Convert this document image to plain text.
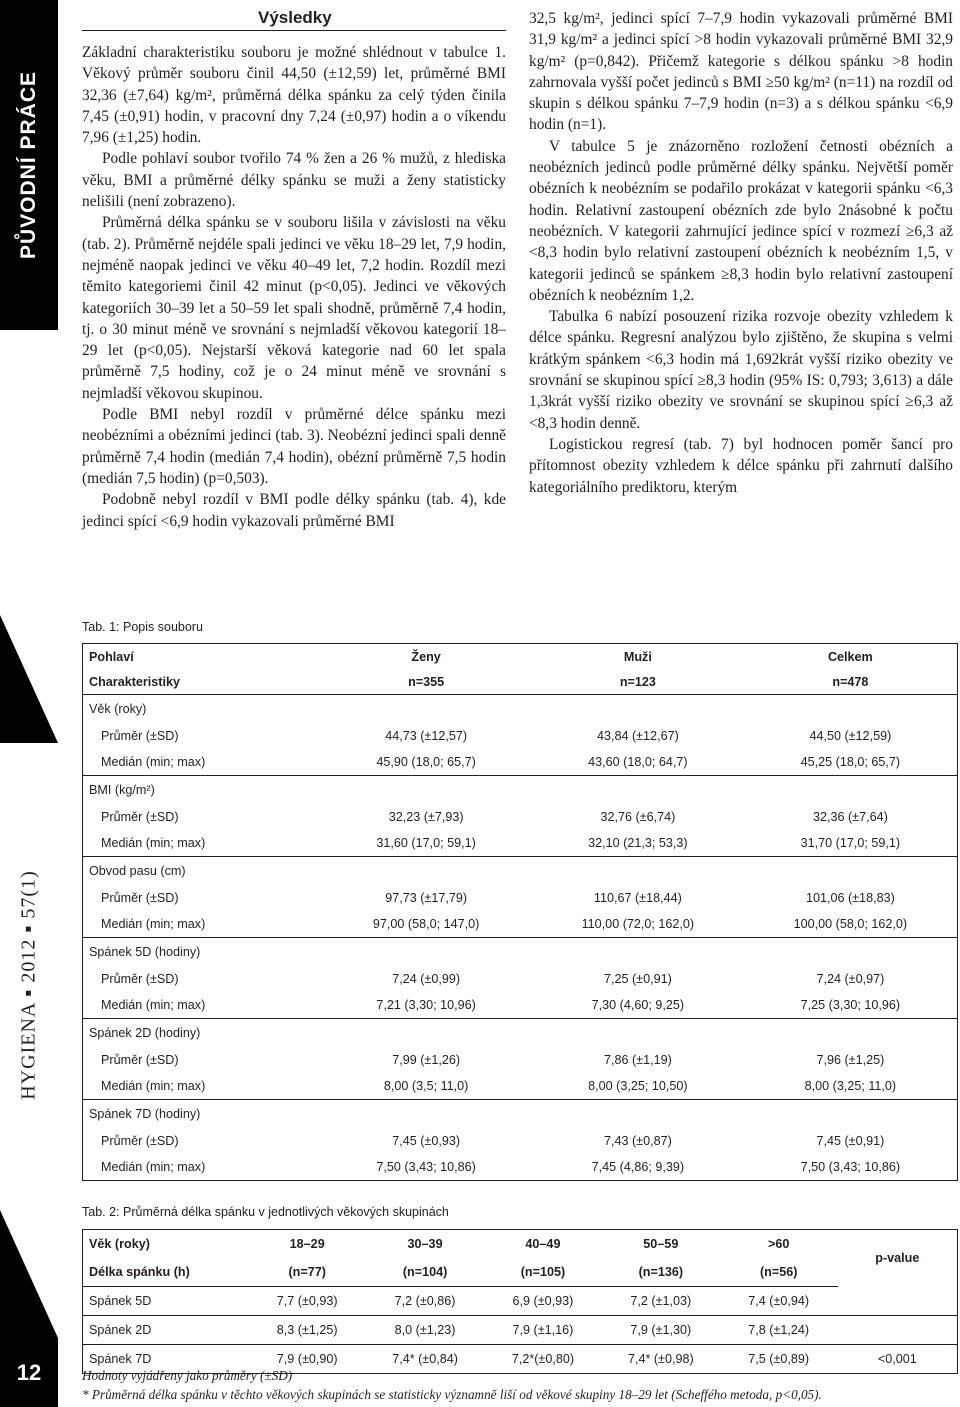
PŮVODNÍ PRÁCE
HYGIENA ▪ 2012 ▪ 57(1)
12
Výsledky

Základní charakteristiku souboru je možné shlédnout v tabulce 1. Věkový průměr souboru činil 44,50 (±12,59) let, průměrné BMI 32,36 (±7,64) kg/m², průměrná délka spánku za celý týden činila 7,45 (±0,91) hodin, v pracovní dny 7,24 (±0,97) hodin a o víkendu 7,96 (±1,25) hodin.

Podle pohlaví soubor tvořilo 74 % žen a 26 % mužů, z hlediska věku, BMI a průměrné délky spánku se muži a ženy statisticky nelišili (není zobrazeno).

Průměrná délka spánku se v souboru lišila v závislosti na věku (tab. 2). Průměrně nejdéle spali jedinci ve věku 18–29 let, 7,9 hodin, nejméně naopak jedinci ve věku 40–49 let, 7,2 hodin. Rozdíl mezi těmito kategoriemi činil 42 minut (p<0,05). Jedinci ve věkových kategoriích 30–39 let a 50–59 let spali shodně, průměrně 7,4 hodin, tj. o 30 minut méně ve srovnání s nejmladší věkovou kategorií 18–29 let (p<0,05). Nejstarší věková kategorie nad 60 let spala průměrně 7,5 hodiny, což je o 24 minut méně ve srovnání s nejmladší věkovou skupinou.

Podle BMI nebyl rozdíl v průměrné délce spánku mezi neobézními a obézními jedinci (tab. 3). Neobézní jedinci spali denně průměrně 7,4 hodin (medián 7,4 hodin), obézní průměrně 7,5 hodin (medián 7,5 hodin) (p=0,503).

Podobně nebyl rozdíl v BMI podle délky spánku (tab. 4), kde jedinci spící <6,9 hodin vykazovali průměrné BMI

32,5 kg/m², jedinci spící 7–7,9 hodin vykazovali průměrné BMI 31,9 kg/m² a jedinci spící >8 hodin vykazovali průměrné BMI 32,9 kg/m² (p=0,842). Přičemž kategorie s délkou spánku >8 hodin zahrnovala vyšší počet jedinců s BMI ≥50 kg/m² (n=11) na rozdíl od skupin s délkou spánku 7–7,9 hodin (n=3) a s délkou spánku <6,9 hodin (n=1).

V tabulce 5 je znázorněno rozložení četnosti obézních a neobézních jedinců podle průměrné délky spánku. Největší poměr obézních k neobézním se podařilo prokázat v kategorii spánku <6,3 hodin. Relativní zastoupení obézních zde bylo 2násobné k počtu neobézních. V kategorii zahrnující jedince spící v rozmezí ≥6,3 až <8,3 hodin bylo relativní zastoupení obézních k neobézním 1,5, v kategorii jedinců se spánkem ≥8,3 hodin bylo relativní zastoupení obézních k neobézním 1,2.

Tabulka 6 nabízí posouzení rizika rozvoje obezity vzhledem k délce spánku. Regresní analýzou bylo zjištěno, že skupina s velmi krátkým spánkem <6,3 hodin má 1,692krát vyšší riziko obezity ve srovnání se skupinou spící ≥8,3 hodin (95% IS: 0,793; 3,613) a dále 1,3krát vyšší riziko obezity ve srovnání se skupinou spící ≥6,3 až <8,3 hodin denně.

Logistickou regresí (tab. 7) byl hodnocen poměr šancí pro přítomnost obezity vzhledem k délce spánku při zahrnutí dalšího kategoriálního prediktoru, kterým

Tab. 1: Popis souboru
Pohlaví	Ženy	Muži	Celkem
Charakteristiky	n=355	n=123	n=478
Věk (roky)			
Průměr (±SD)	44,73 (±12,57)	43,84 (±12,67)	44,50 (±12,59)
Medián (min; max)	45,90 (18,0; 65,7)	43,60 (18,0; 64,7)	45,25 (18,0; 65,7)
BMI (kg/m²)			
Průměr (±SD)	32,23 (±7,93)	32,76 (±6,74)	32,36 (±7,64)
Medián (min; max)	31,60 (17,0; 59,1)	32,10 (21,3; 53,3)	31,70 (17,0; 59,1)
Obvod pasu (cm)			
Průměr (±SD)	97,73 (±17,79)	110,67 (±18,44)	101,06 (±18,83)
Medián (min; max)	97,00 (58,0; 147,0)	110,00 (72,0; 162,0)	100,00 (58,0; 162,0)
Spánek 5D (hodiny)			
Průměr (±SD)	7,24 (±0,99)	7,25 (±0,91)	7,24 (±0,97)
Medián (min; max)	7,21 (3,30; 10,96)	7,30 (4,60; 9,25)	7,25 (3,30; 10,96)
Spánek 2D (hodiny)			
Průměr (±SD)	7,99 (±1,26)	7,86 (±1,19)	7,96 (±1,25)
Medián (min; max)	8,00 (3,5; 11,0)	8,00 (3,25; 10,50)	8,00 (3,25; 11,0)
Spánek 7D (hodiny)			
Průměr (±SD)	7,45 (±0,93)	7,43 (±0,87)	7,45 (±0,91)
Medián (min; max)	7,50 (3,43; 10,86)	7,45 (4,86; 9,39)	7,50 (3,43; 10,86)
Tab. 2: Průměrná délka spánku v jednotlivých věkových skupinách
Věk (roky)	18–29	30–39	40–49	50–59	>60	p-value
Délka spánku (h)	(n=77)	(n=104)	(n=105)	(n=136)	(n=56)	
Spánek 5D	7,7 (±0,93)	7,2 (±0,86)	6,9 (±0,93)	7,2 (±1,03)	7,4 (±0,94)	
Spánek 2D	8,3 (±1,25)	8,0 (±1,23)	7,9 (±1,16)	7,9 (±1,30)	7,8 (±1,24)	
Spánek 7D	7,9 (±0,90)	7,4* (±0,84)	7,2*(±0,80)	7,4* (±0,98)	7,5 (±0,89)	<0,001
Hodnoty vyjádřeny jako průměry (±SD)
* Průměrná délka spánku v těchto věkových skupinách se statisticky významně liší od věkové skupiny 18–29 let (Scheffého metoda, p<0,05).
